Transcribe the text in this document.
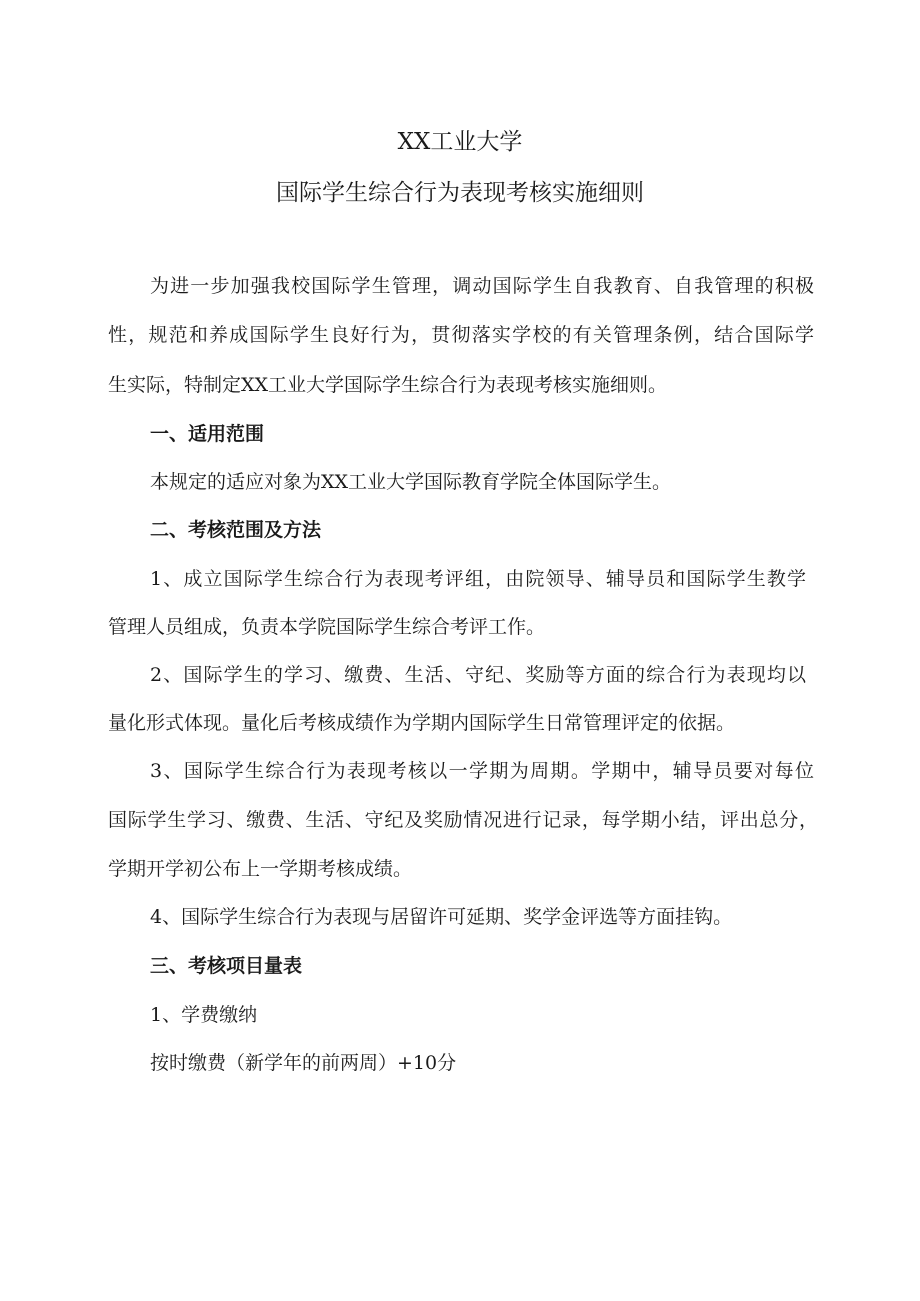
XX工业大学
国际学生综合行为表现考核实施细则
为进一步加强我校国际学生管理，调动国际学生自我教育、自我管理的积极
性，规范和养成国际学生良好行为，贯彻落实学校的有关管理条例，结合国际学
生实际，特制定XX工业大学国际学生综合行为表现考核实施细则。
一、适用范围
本规定的适应对象为XX工业大学国际教育学院全体国际学生。
二、考核范围及方法
1、成立国际学生综合行为表现考评组，由院领导、辅导员和国际学生教学
管理人员组成，负责本学院国际学生综合考评工作。
2、国际学生的学习、缴费、生活、守纪、奖励等方面的综合行为表现均以
量化形式体现。量化后考核成绩作为学期内国际学生日常管理评定的依据。
3、国际学生综合行为表现考核以一学期为周期。学期中，辅导员要对每位
国际学生学习、缴费、生活、守纪及奖励情况进行记录，每学期小结，评出总分，
学期开学初公布上一学期考核成绩。
4、国际学生综合行为表现与居留许可延期、奖学金评选等方面挂钩。
三、考核项目量表
1、学费缴纳
按时缴费（新学年的前两周）+10分
